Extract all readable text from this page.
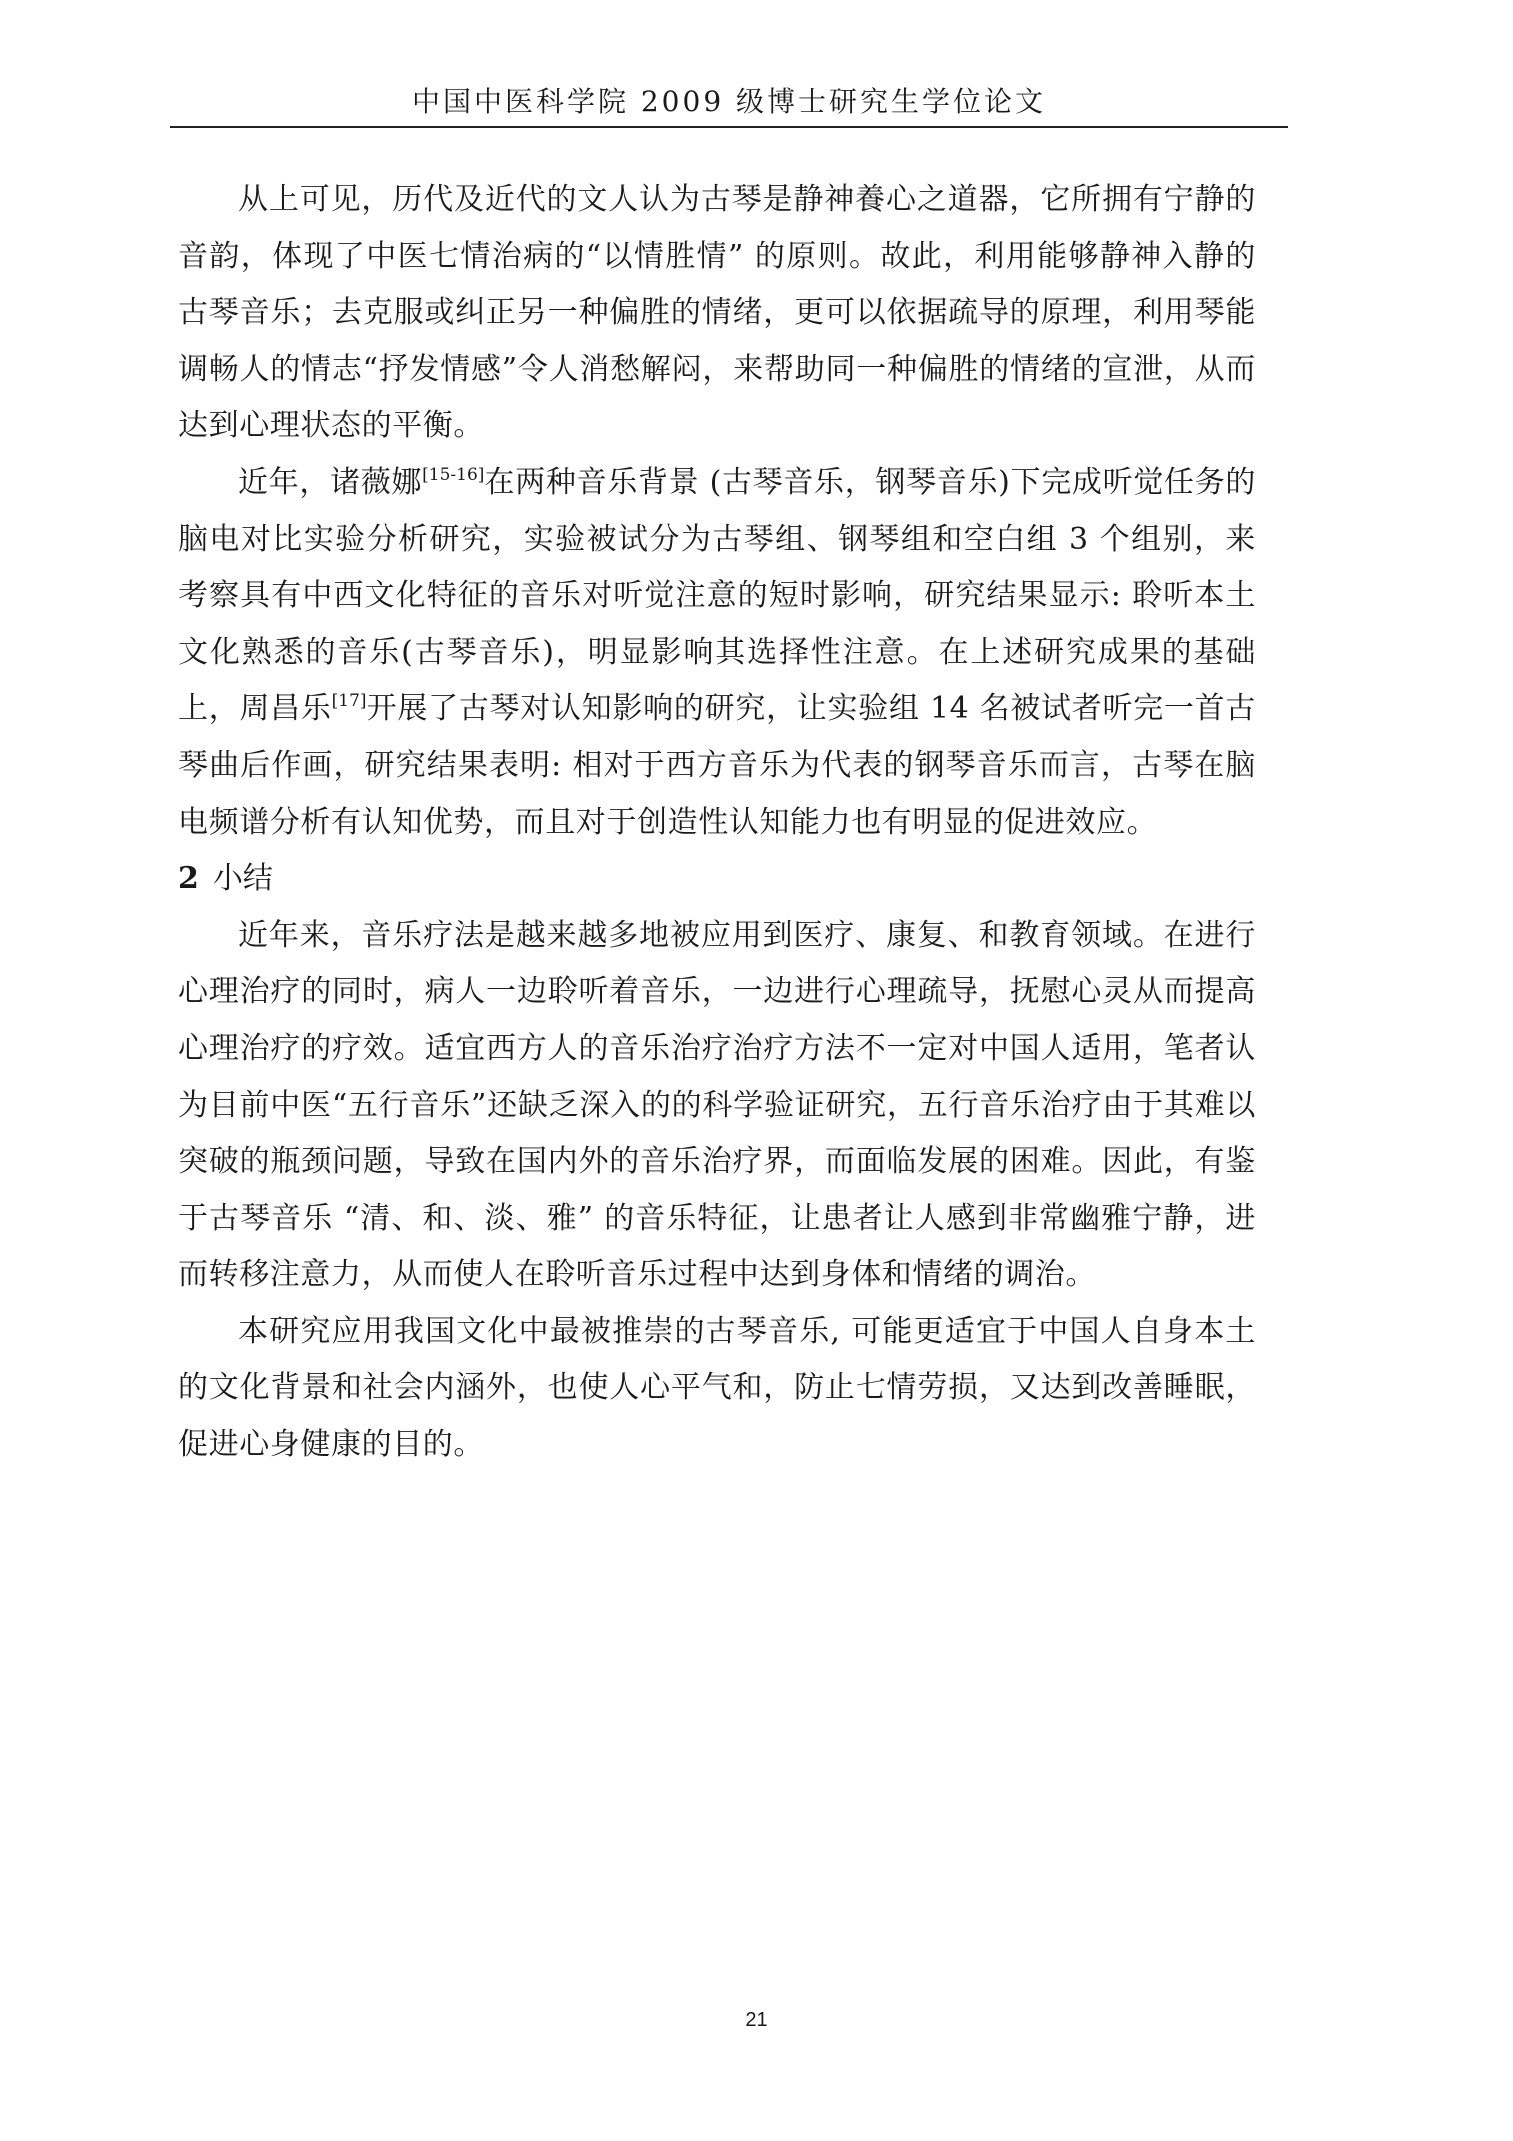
中国中医科学院 2009 级博士研究生学位论文

从上可见，历代及近代的文人认为古琴是静神養心之道器，它所拥有宁静的音韵，体现了中医七情治病的“以情胜情” 的原则。故此，利用能够静神入静的古琴音乐；去克服或纠正另一种偏胜的情绪，更可以依据疏导的原理，利用琴能调畅人的情志“抒发情感”令人消愁解闷，来帮助同一种偏胜的情绪的宣泄，从而达到心理状态的平衡。

近年，诸薇娜[15-16]在两种音乐背景 (古琴音乐，钢琴音乐)下完成听觉任务的脑电对比实验分析研究，实验被试分为古琴组、钢琴组和空白组 3 个组别，来考察具有中西文化特征的音乐对听觉注意的短时影响，研究结果显示: 聆听本土文化熟悉的音乐(古琴音乐)，明显影响其选择性注意。在上述研究成果的基础上，周昌乐[17]开展了古琴对认知影响的研究，让实验组 14 名被试者听完一首古琴曲后作画，研究结果表明: 相对于西方音乐为代表的钢琴音乐而言，古琴在脑电频谱分析有认知优势，而且对于创造性认知能力也有明显的促进效应。

2 小结

近年来，音乐疗法是越来越多地被应用到医疗、康复、和教育领域。在进行心理治疗的同时，病人一边聆听着音乐，一边进行心理疏导，抚慰心灵从而提高心理治疗的疗效。适宜西方人的音乐治疗治疗方法不一定对中国人适用，笔者认为目前中医“五行音乐”还缺乏深入的的科学验证研究，五行音乐治疗由于其难以突破的瓶颈问题，导致在国内外的音乐治疗界，而面临发展的困难。因此，有鉴于古琴音乐 “清、和、淡、雅” 的音乐特征，让患者让人感到非常幽雅宁静，进而转移注意力，从而使人在聆听音乐过程中达到身体和情绪的调治。

本研究应用我国文化中最被推崇的古琴音乐, 可能更适宜于中国人自身本土的文化背景和社会内涵外，也使人心平气和，防止七情劳损，又达到改善睡眠，促进心身健康的目的。

21
